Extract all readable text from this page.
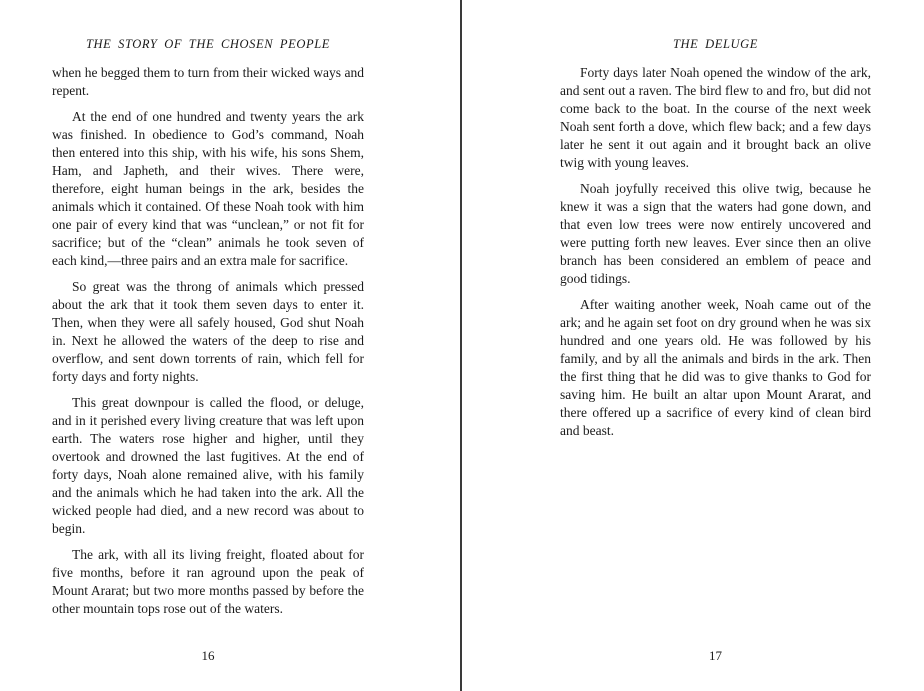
THE STORY OF THE CHOSEN PEOPLE

when he begged them to turn from their wicked ways and repent.

At the end of one hundred and twenty years the ark was finished. In obedience to God’s command, Noah then entered into this ship, with his wife, his sons Shem, Ham, and Japheth, and their wives. There were, therefore, eight human beings in the ark, besides the animals which it contained. Of these Noah took with him one pair of every kind that was “unclean,” or not fit for sacrifice; but of the “clean” animals he took seven of each kind,—three pairs and an extra male for sacrifice.

So great was the throng of animals which pressed about the ark that it took them seven days to enter it. Then, when they were all safely housed, God shut Noah in. Next he allowed the waters of the deep to rise and overflow, and sent down torrents of rain, which fell for forty days and forty nights.

This great downpour is called the flood, or deluge, and in it perished every living creature that was left upon earth. The waters rose higher and higher, until they overtook and drowned the last fugitives. At the end of forty days, Noah alone remained alive, with his family and the animals which he had taken into the ark. All the wicked people had died, and a new record was about to begin.

The ark, with all its living freight, floated about for five months, before it ran aground upon the peak of Mount Ararat; but two more months passed by before the other mountain tops rose out of the waters.

16
THE DELUGE

Forty days later Noah opened the window of the ark, and sent out a raven. The bird flew to and fro, but did not come back to the boat. In the course of the next week Noah sent forth a dove, which flew back; and a few days later he sent it out again and it brought back an olive twig with young leaves.

Noah joyfully received this olive twig, because he knew it was a sign that the waters had gone down, and that even low trees were now entirely uncovered and were putting forth new leaves. Ever since then an olive branch has been considered an emblem of peace and good tidings.

After waiting another week, Noah came out of the ark; and he again set foot on dry ground when he was six hundred and one years old. He was followed by his family, and by all the animals and birds in the ark. Then the first thing that he did was to give thanks to God for saving him. He built an altar upon Mount Ararat, and there offered up a sacrifice of every kind of clean bird and beast.

17
